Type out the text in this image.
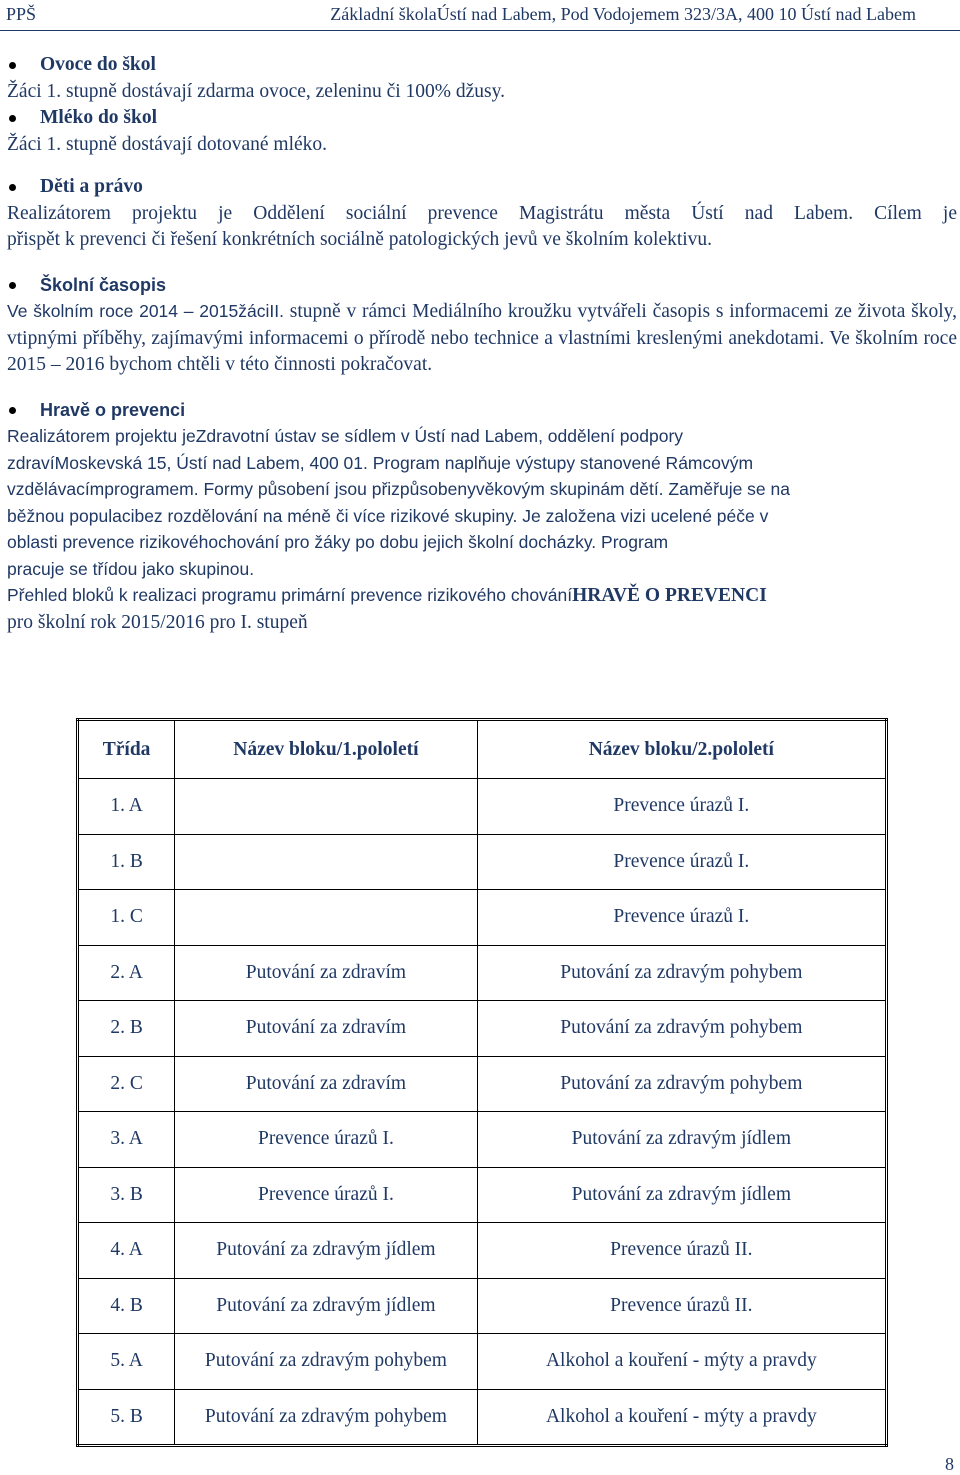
PPŠ	Základní školaÚstí nad Labem, Pod Vodojemem 323/3A, 400 10 Ústí nad Labem
Ovoce do škol

Žáci 1. stupně dostávají zdarma ovoce, zeleninu či 100% džusy.

Mléko do škol

Žáci 1. stupně dostávají dotované mléko.

Děti a právo

Realizátorem projektu je Oddělení sociální prevence Magistrátu města Ústí nad Labem. Cílem je

přispět k prevenci či řešení konkrétních sociálně patologických jevů ve školním kolektivu.

Školní časopis

Ve školním roce 2014 – 2015žáciII. stupně v rámci Mediálního kroužku vytvářeli časopis s informacemi ze života školy, vtipnými příběhy, zajímavými informacemi o přírodě nebo technice a vlastními kreslenými anekdotami. Ve školním roce 2015 – 2016 bychom chtěli v této činnosti pokračovat.

Hravě o prevenci

Realizátorem projektu jeZdravotní ústav se sídlem v Ústí nad Labem, oddělení podpory

zdravíMoskevská 15, Ústí nad Labem, 400 01. Program naplňuje výstupy stanovené Rámcovým

vzdělávacímprogramem. Formy působení jsou přizpůsobenyvěkovým skupinám dětí. Zaměřuje se na

běžnou populacibez rozdělování na méně či více rizikové skupiny. Je založena vizi ucelené péče v

oblasti prevence rizikovéhochování pro žáky po dobu jejich školní docházky. Program

pracuje se třídou jako skupinou.

Přehled bloků k realizaci programu primární prevence rizikového chováníHRAVĚ O PREVENCI

pro školní rok 2015/2016 pro I. stupeň

Třída	Název bloku/1.pololetí	Název bloku/2.pololetí
1. A		Prevence úrazů I.
1. B		Prevence úrazů I.
1. C		Prevence úrazů I.
2. A	Putování za zdravím	Putování za zdravým pohybem
2. B	Putování za zdravím	Putování za zdravým pohybem
2. C	Putování za zdravím	Putování za zdravým pohybem
3. A	Prevence úrazů I.	Putování za zdravým jídlem
3. B	Prevence úrazů I.	Putování za zdravým jídlem
4. A	Putování za zdravým jídlem	Prevence úrazů II.
4. B	Putování za zdravým jídlem	Prevence úrazů II.
5. A	Putování za zdravým pohybem	Alkohol a kouření - mýty a pravdy
5. B	Putování za zdravým pohybem	Alkohol a kouření - mýty a pravdy
8
